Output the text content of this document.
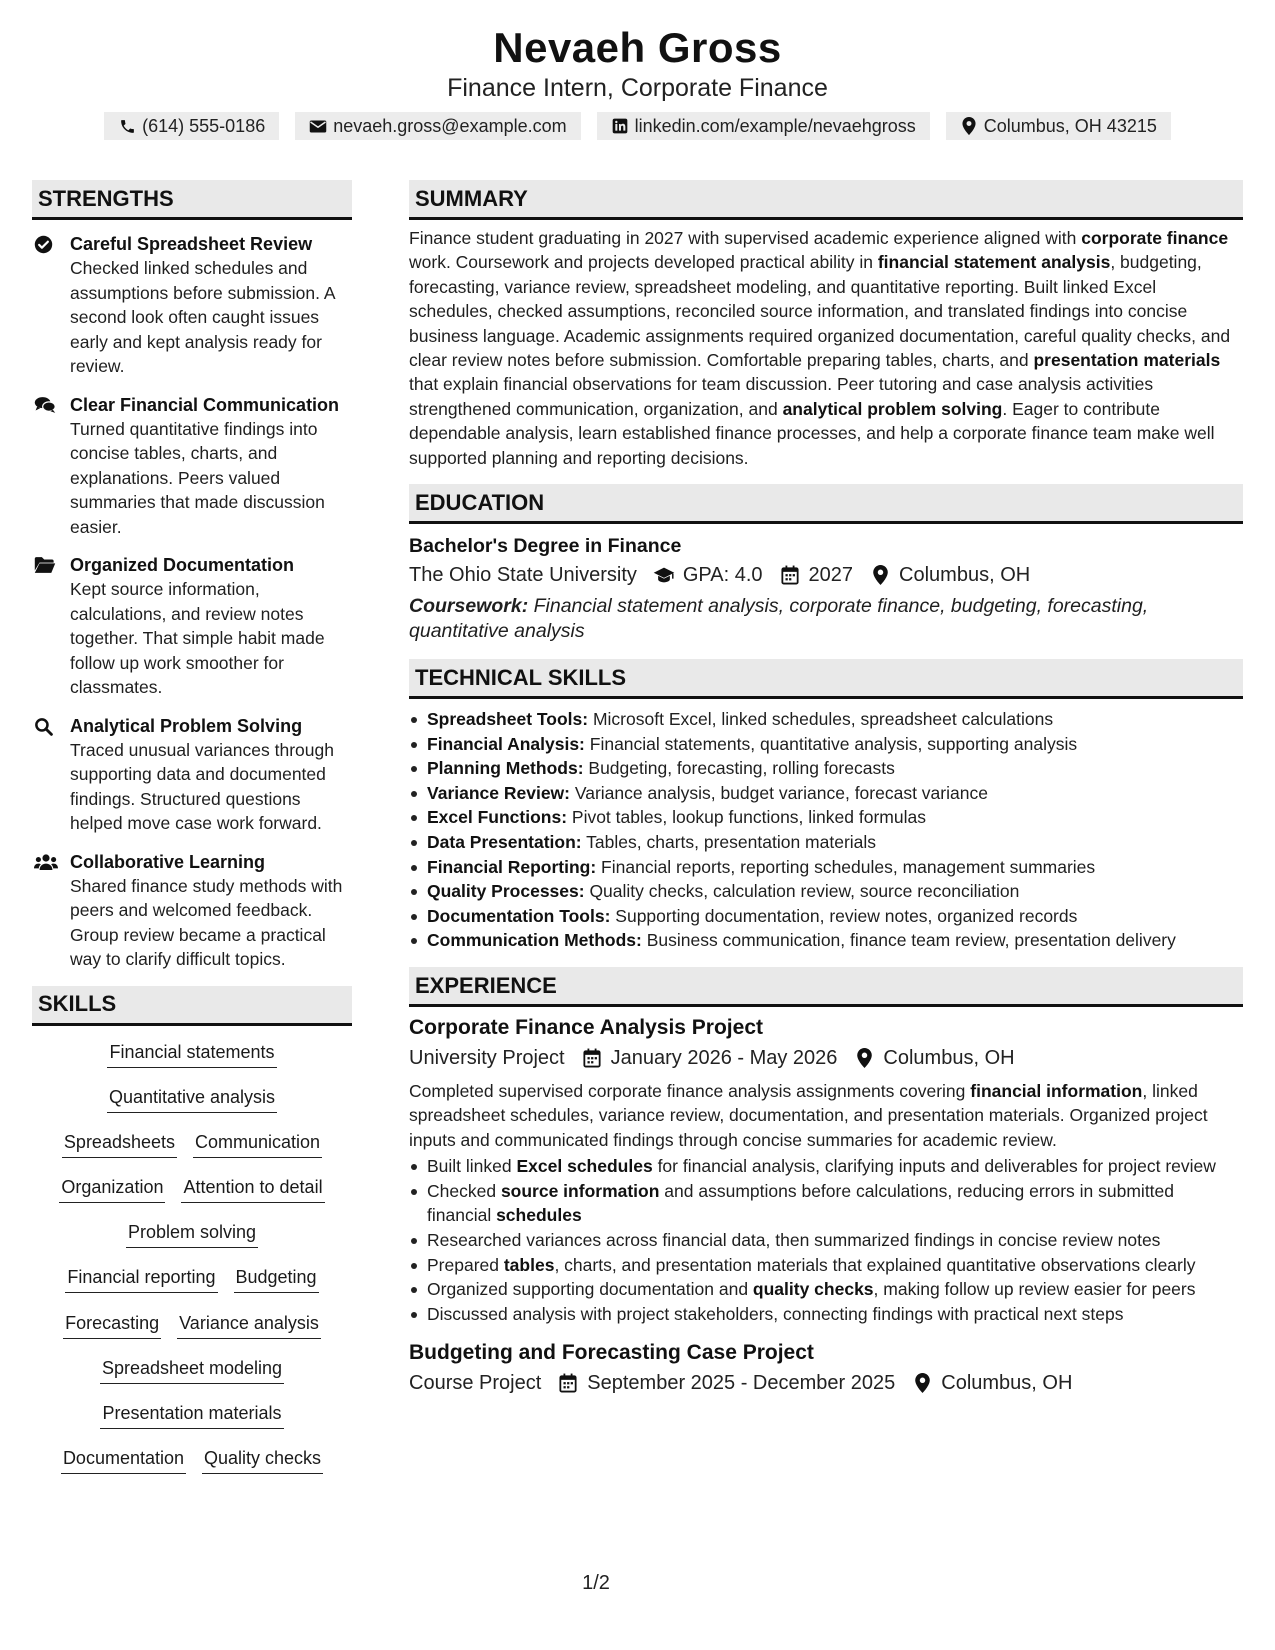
Nevaeh Gross
Finance Intern, Corporate Finance
(614) 555-0186	nevaeh.gross@example.com	linkedin.com/example/nevaehgross	Columbus, OH 43215
STRENGTHS
Careful Spreadsheet Review
Checked linked schedules and assumptions before submission. A second look often caught issues early and kept analysis ready for review.
Clear Financial Communication
Turned quantitative findings into concise tables, charts, and explanations. Peers valued summaries that made discussion easier.
Organized Documentation
Kept source information, calculations, and review notes together. That simple habit made follow up work smoother for classmates.
Analytical Problem Solving
Traced unusual variances through supporting data and documented findings. Structured questions helped move case work forward.
Collaborative Learning
Shared finance study methods with peers and welcomed feedback. Group review became a practical way to clarify difficult topics.
SKILLS
Financial statements
Quantitative analysis
Spreadsheets Communication
Organization Attention to detail
Problem solving
Financial reporting Budgeting
Forecasting Variance analysis
Spreadsheet modeling
Presentation materials
Documentation Quality checks
SUMMARY
Finance student graduating in 2027 with supervised academic experience aligned with corporate finance work. Coursework and projects developed practical ability in financial statement analysis, budgeting, forecasting, variance review, spreadsheet modeling, and quantitative reporting. Built linked Excel schedules, checked assumptions, reconciled source information, and translated findings into concise business language. Academic assignments required organized documentation, careful quality checks, and clear review notes before submission. Comfortable preparing tables, charts, and presentation materials that explain financial observations for team discussion. Peer tutoring and case analysis activities strengthened communication, organization, and analytical problem solving. Eager to contribute dependable analysis, learn established finance processes, and help a corporate finance team make well supported planning and reporting decisions.
EDUCATION
Bachelor's Degree in Finance
The Ohio State University GPA: 4.0 2027 Columbus, OH
Coursework: Financial statement analysis, corporate finance, budgeting, forecasting, quantitative analysis
TECHNICAL SKILLS
Spreadsheet Tools: Microsoft Excel, linked schedules, spreadsheet calculations
Financial Analysis: Financial statements, quantitative analysis, supporting analysis
Planning Methods: Budgeting, forecasting, rolling forecasts
Variance Review: Variance analysis, budget variance, forecast variance
Excel Functions: Pivot tables, lookup functions, linked formulas
Data Presentation: Tables, charts, presentation materials
Financial Reporting: Financial reports, reporting schedules, management summaries
Quality Processes: Quality checks, calculation review, source reconciliation
Documentation Tools: Supporting documentation, review notes, organized records
Communication Methods: Business communication, finance team review, presentation delivery
EXPERIENCE
Corporate Finance Analysis Project
University Project January 2026 - May 2026 Columbus, OH
Completed supervised corporate finance analysis assignments covering financial information, linked spreadsheet schedules, variance review, documentation, and presentation materials. Organized project inputs and communicated findings through concise summaries for academic review.
Built linked Excel schedules for financial analysis, clarifying inputs and deliverables for project review
Checked source information and assumptions before calculations, reducing errors in submitted financial schedules
Researched variances across financial data, then summarized findings in concise review notes
Prepared tables, charts, and presentation materials that explained quantitative observations clearly
Organized supporting documentation and quality checks, making follow up review easier for peers
Discussed analysis with project stakeholders, connecting findings with practical next steps
Budgeting and Forecasting Case Project
Course Project September 2025 - December 2025 Columbus, OH
1/2
